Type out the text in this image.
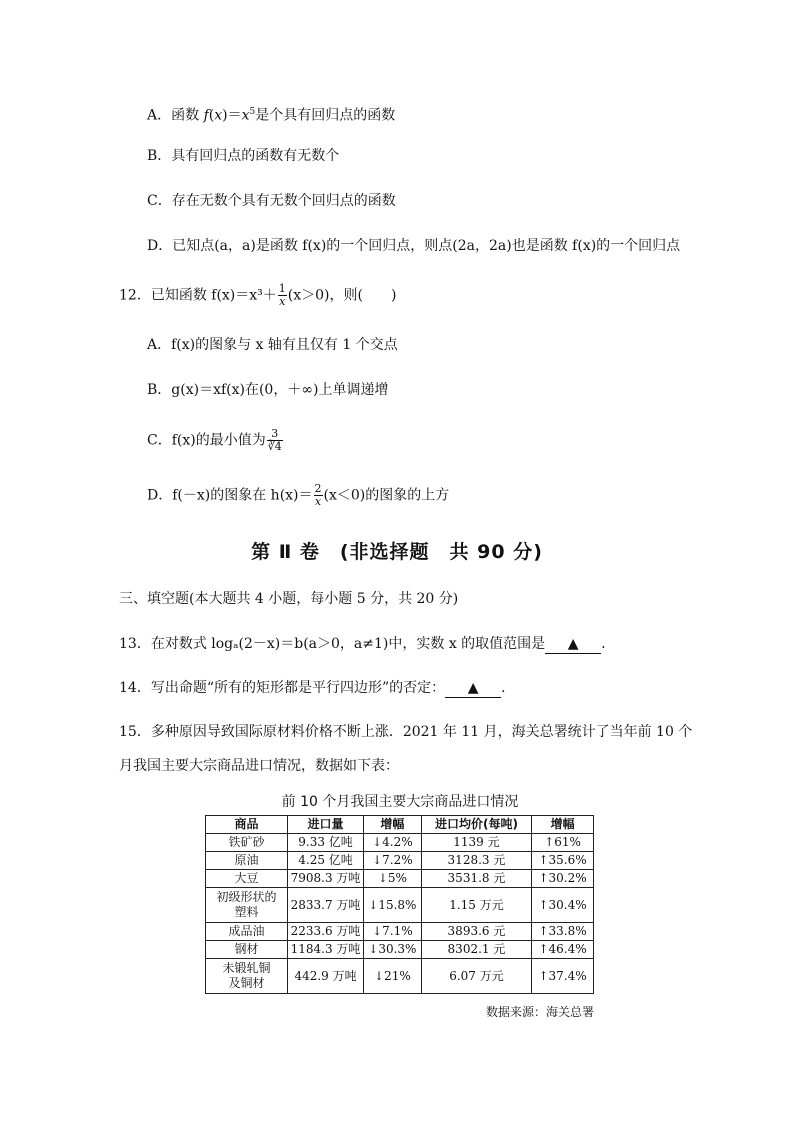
A．函数 $f(x)=x^5$是个具有回归点的函数
B．具有回归点的函数有无数个
C．存在无数个具有无数个回归点的函数
D．已知点(a，a)是函数 f(x)的一个回归点，则点(2a，2a)也是函数 f(x)的一个回归点
12．已知函数 $f(x)=x^3+ \frac{1}{x} (x>0)$，则(　　)
A．f(x)的图象与 x 轴有且仅有 1 个交点
B．g(x)＝xf(x)在(0，＋∞)上单调递增
C．f(x)的最小值为 $\frac{3}{∛4}$
D．f(－x)的图象在 $h(x)= \frac{2}{x} (x<0)$的图象的上方
第 Ⅱ 卷　(非选择题　共 90 分)
三、填空题(本大题共 4 小题，每小题 5 分，共 20 分)
13．在对数式 logₐ(2－x)＝b(a＞0，a≠1)中，实数 x 的取值范围是 ▲ ．
14．写出命题“所有的矩形都是平行四边形”的否定： ▲ ．
15．多种原因导致国际原材料价格不断上涨．2021 年 11 月，海关总署统计了当年前 10 个
月我国主要大宗商品进口情况，数据如下表：
前 10 个月我国主要大宗商品进口情况
商品	进口量	增幅	进口均价(每吨)	增幅
铁矿砂	9.33 亿吨	↓4.2%	1139 元	↑61%
原油	4.25 亿吨	↓7.2%	3128.3 元	↑35.6%
大豆	7908.3 万吨	↓5%	3531.8 元	↑30.2%
初级形状的
塑料	2833.7 万吨	↓15.8%	1.15 万元	↑30.4%
成品油	2233.6 万吨	↓7.1%	3893.6 元	↑33.8%
钢材	1184.3 万吨	↓30.3%	8302.1 元	↑46.4%
未锻轧铜
及铜材	442.9 万吨	↓21%	6.07 万元	↑37.4%
数据来源：海关总署
